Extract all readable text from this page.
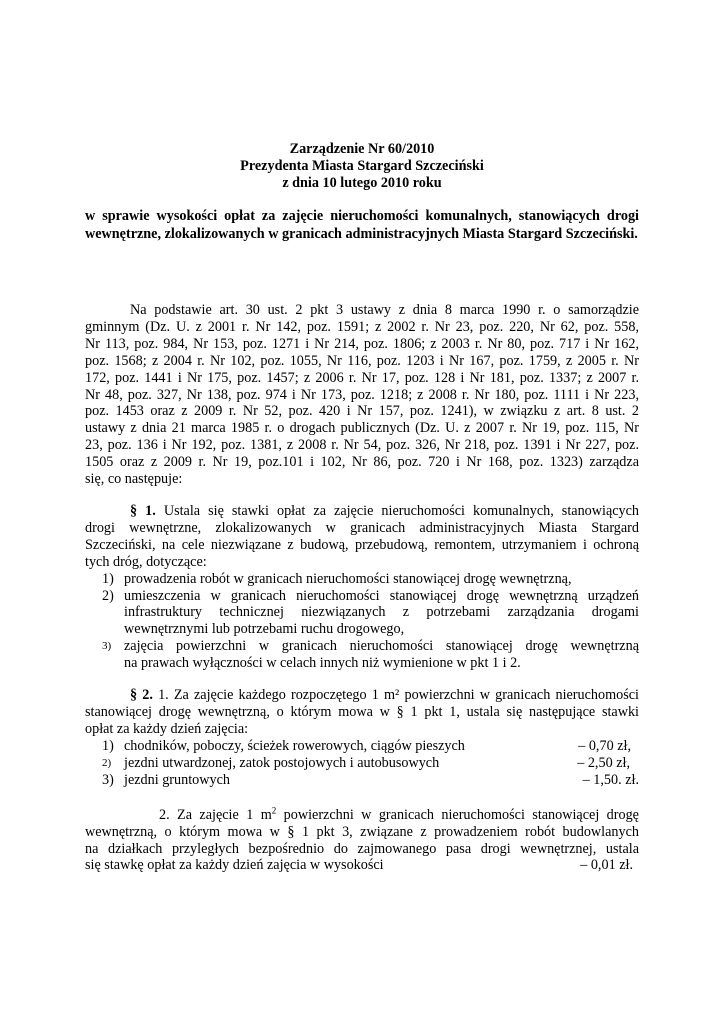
Zarządzenie Nr 60/2010
Prezydenta Miasta Stargard Szczeciński
z dnia 10 lutego 2010 roku
w sprawie wysokości opłat za zajęcie nieruchomości komunalnych, stanowiących drogi wewnętrzne, zlokalizowanych w granicach administracyjnych Miasta Stargard Szczeciński.
Na podstawie art. 30 ust. 2 pkt 3 ustawy z dnia 8 marca 1990 r. o samorządzie
gminnym (Dz. U. z 2001 r. Nr 142, poz. 1591; z 2002 r. Nr 23, poz. 220, Nr 62, poz. 558,
Nr 113, poz. 984, Nr 153, poz. 1271 i Nr 214, poz. 1806; z 2003 r. Nr 80, poz. 717 i Nr 162,
poz. 1568; z 2004 r. Nr 102, poz. 1055, Nr 116, poz. 1203 i Nr 167, poz. 1759, z 2005 r. Nr
172, poz. 1441 i Nr 175, poz. 1457; z 2006 r. Nr 17, poz. 128 i Nr 181, poz. 1337; z 2007 r.
Nr 48, poz. 327, Nr 138, poz. 974 i Nr 173, poz. 1218; z 2008 r. Nr 180, poz. 1111 i Nr 223,
poz. 1453 oraz z 2009 r. Nr 52, poz. 420 i Nr 157, poz. 1241), w związku z art. 8 ust. 2
ustawy z dnia 21 marca 1985 r. o drogach publicznych (Dz. U. z 2007 r. Nr 19, poz. 115, Nr
23, poz. 136 i Nr 192, poz. 1381, z 2008 r. Nr 54, poz. 326, Nr 218, poz. 1391 i Nr 227, poz.
1505 oraz z 2009 r. Nr 19, poz.101 i 102, Nr 86, poz. 720 i Nr 168, poz. 1323) zarządza
się, co następuje:
§ 1. Ustala się stawki opłat za zajęcie nieruchomości komunalnych, stanowiących
drogi wewnętrzne, zlokalizowanych w granicach administracyjnych Miasta Stargard
Szczeciński, na cele niezwiązane z budową, przebudową, remontem, utrzymaniem i ochroną
tych dróg, dotyczące:
1) prowadzenia robót w granicach nieruchomości stanowiącej drogę wewnętrzną,
2) umieszczenia w granicach nieruchomości stanowiącej drogę wewnętrzną urządzeń
infrastruktury technicznej niezwiązanych z potrzebami zarządzania drogami
wewnętrznymi lub potrzebami ruchu drogowego,
3) zajęcia powierzchni w granicach nieruchomości stanowiącej drogę wewnętrzną
na prawach wyłączności w celach innych niż wymienione w pkt 1 i 2.
§ 2. 1. Za zajęcie każdego rozpoczętego 1 m² powierzchni w granicach nieruchomości
stanowiącej drogę wewnętrzną, o którym mowa w § 1 pkt 1, ustala się następujące stawki
opłat za każdy dzień zajęcia:
1) chodników, poboczy, ścieżek rowerowych, ciągów pieszych	– 0,70 zł,
2) jezdni utwardzonej, zatok postojowych i autobusowych	– 2,50 zł,
3) jezdni gruntowych	– 1,50. zł.
2. Za zajęcie 1 $m^2$ powierzchni w granicach nieruchomości stanowiącej drogę
wewnętrzną, o którym mowa w § 1 pkt 3, związane z prowadzeniem robót budowlanych
na działkach przyległych bezpośrednio do zajmowanego pasa drogi wewnętrznej, ustala
się stawkę opłat za każdy dzień zajęcia w wysokości	– 0,01 zł.
